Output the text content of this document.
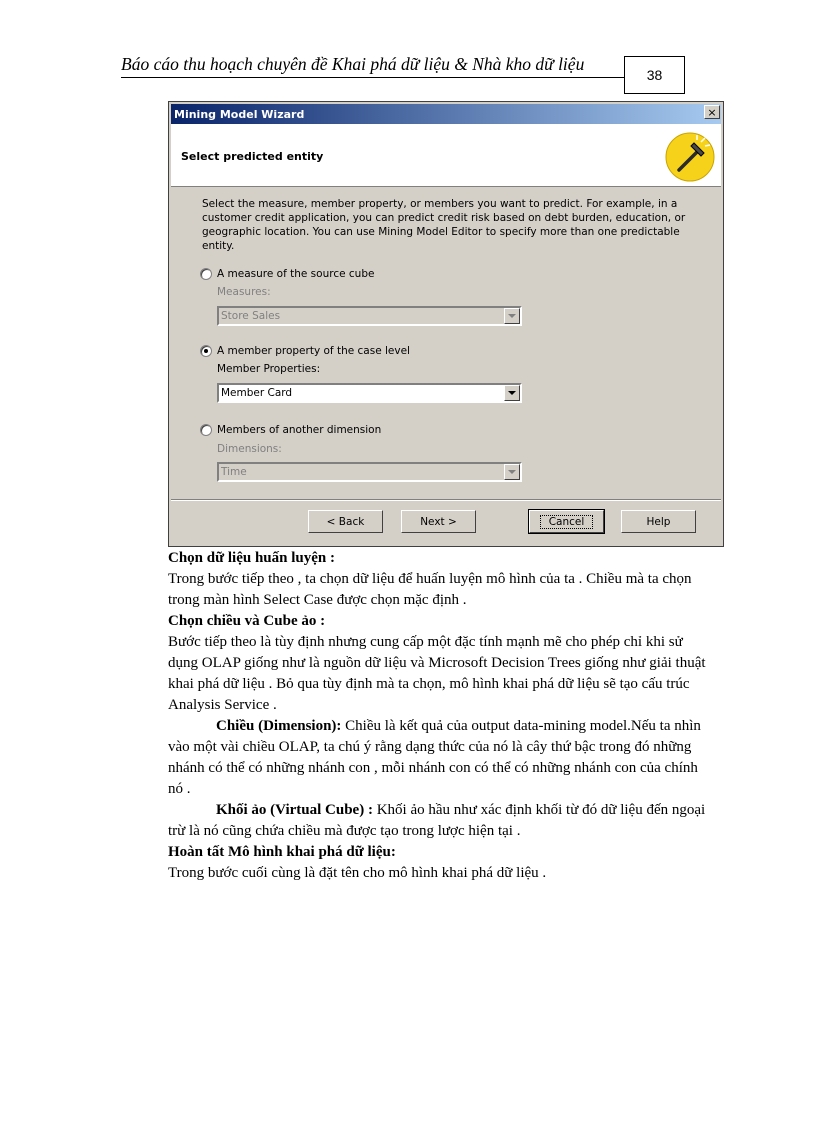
Báo cáo thu hoạch chuyên đề Khai phá dữ liệu & Nhà kho dữ liệu
38
Mining Model Wizard	×
Select predicted entity
Select the measure, member property, or members you want to predict. For example, in a customer credit application, you can predict credit risk based on debt burden, education, or geographic location. You can use Mining Model Editor to specify more than one predictable entity.
A measure of the source cube
Measures:
Store Sales
A member property of the case level
Member Properties:
Member Card
Members of another dimension
Dimensions:
Time
< Back	Next >	Cancel	Help

Chọn dữ liệu huấn luyện :

Trong bước tiếp theo , ta chọn dữ liệu để huấn luyện mô hình của ta . Chiều mà ta chọn trong màn hình Select Case được chọn mặc định .

Chọn chiều và Cube ảo :

Bước tiếp theo là tùy định nhưng cung cấp một đặc tính mạnh mẽ cho phép chỉ khi sử dụng OLAP giống như là nguồn dữ liệu và Microsoft Decision Trees giống như giải thuật khai phá dữ liệu . Bỏ qua tùy định mà ta chọn, mô hình khai phá dữ liệu sẽ tạo cấu trúc Analysis Service .

Chiều (Dimension): Chiều là kết quả của output data-mining model.Nếu ta nhìn vào một vài chiều OLAP, ta chú ý rằng dạng thức của nó là cây thứ bậc trong đó những nhánh có thể có những nhánh con , mỗi nhánh con có thể có những nhánh con của chính nó .

Khối ảo (Virtual Cube) : Khối ảo hầu như xác định khối từ đó dữ liệu đến ngoại trừ là nó cũng chứa chiều mà được tạo trong lược hiện tại .

Hoàn tất Mô hình khai phá dữ liệu:

Trong bước cuối cùng là đặt tên cho mô hình khai phá dữ liệu .
